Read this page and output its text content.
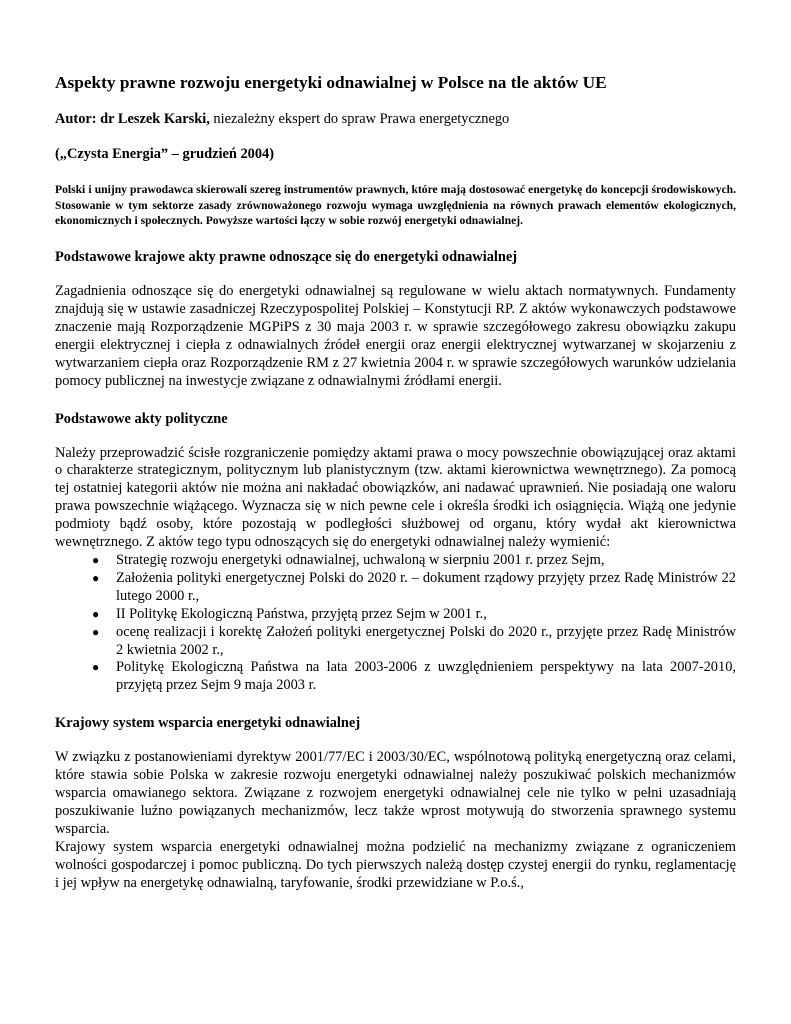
Aspekty prawne rozwoju energetyki odnawialnej w Polsce na tle aktów UE

Autor: dr Leszek Karski, niezależny ekspert do spraw Prawa energetycznego

(„Czysta Energia” – grudzień 2004)

Polski i unijny prawodawca skierowali szereg instrumentów prawnych, które mają dostosować energetykę do koncepcji środowiskowych. Stosowanie w tym sektorze zasady zrównoważonego rozwoju wymaga uwzględnienia na równych prawach elementów ekologicznych, ekonomicznych i społecznych. Powyższe wartości łączy w sobie rozwój energetyki odnawialnej.

Podstawowe krajowe akty prawne odnoszące się do energetyki odnawialnej

Zagadnienia odnoszące się do energetyki odnawialnej są regulowane w wielu aktach normatywnych. Fundamenty znajdują się w ustawie zasadniczej Rzeczypospolitej Polskiej – Konstytucji RP. Z aktów wykonawczych podstawowe znaczenie mają Rozporządzenie MGPiPS z 30 maja 2003 r. w sprawie szczegółowego zakresu obowiązku zakupu energii elektrycznej i ciepła z odnawialnych źródeł energii oraz energii elektrycznej wytwarzanej w skojarzeniu z wytwarzaniem ciepła oraz Rozporządzenie RM z 27 kwietnia 2004 r. w sprawie szczegółowych warunków udzielania pomocy publicznej na inwestycje związane z odnawialnymi źródłami energii.

Podstawowe akty polityczne

Należy przeprowadzić ścisłe rozgraniczenie pomiędzy aktami prawa o mocy powszechnie obowiązującej oraz aktami o charakterze strategicznym, politycznym lub planistycznym (tzw. aktami kierownictwa wewnętrznego). Za pomocą tej ostatniej kategorii aktów nie można ani nakładać obowiązków, ani nadawać uprawnień. Nie posiadają one waloru prawa powszechnie wiążącego. Wyznacza się w nich pewne cele i określa środki ich osiągnięcia. Wiążą one jedynie podmioty bądź osoby, które pozostają w podległości służbowej od organu, który wydał akt kierownictwa wewnętrznego. Z aktów tego typu odnoszących się do energetyki odnawialnej należy wymienić:

● Strategię rozwoju energetyki odnawialnej, uchwaloną w sierpniu 2001 r. przez Sejm,
● Założenia polityki energetycznej Polski do 2020 r. – dokument rządowy przyjęty przez Radę Ministrów 22 lutego 2000 r.,
● II Politykę Ekologiczną Państwa, przyjętą przez Sejm w 2001 r.,
● ocenę realizacji i korektę Założeń polityki energetycznej Polski do 2020 r., przyjęte przez Radę Ministrów 2 kwietnia 2002 r.,
● Politykę Ekologiczną Państwa na lata 2003-2006 z uwzględnieniem perspektywy na lata 2007-2010, przyjętą przez Sejm 9 maja 2003 r.
Krajowy system wsparcia energetyki odnawialnej

W związku z postanowieniami dyrektyw 2001/77/EC i 2003/30/EC, wspólnotową polityką energetyczną oraz celami, które stawia sobie Polska w zakresie rozwoju energetyki odnawialnej należy poszukiwać polskich mechanizmów wsparcia omawianego sektora. Związane z rozwojem energetyki odnawialnej cele nie tylko w pełni uzasadniają poszukiwanie luźno powiązanych mechanizmów, lecz także wprost motywują do stworzenia sprawnego systemu wsparcia.

Krajowy system wsparcia energetyki odnawialnej można podzielić na mechanizmy związane z ograniczeniem wolności gospodarczej i pomoc publiczną. Do tych pierwszych należą dostęp czystej energii do rynku, reglamentację i jej wpływ na energetykę odnawialną, taryfowanie, środki przewidziane w P.o.ś.,
